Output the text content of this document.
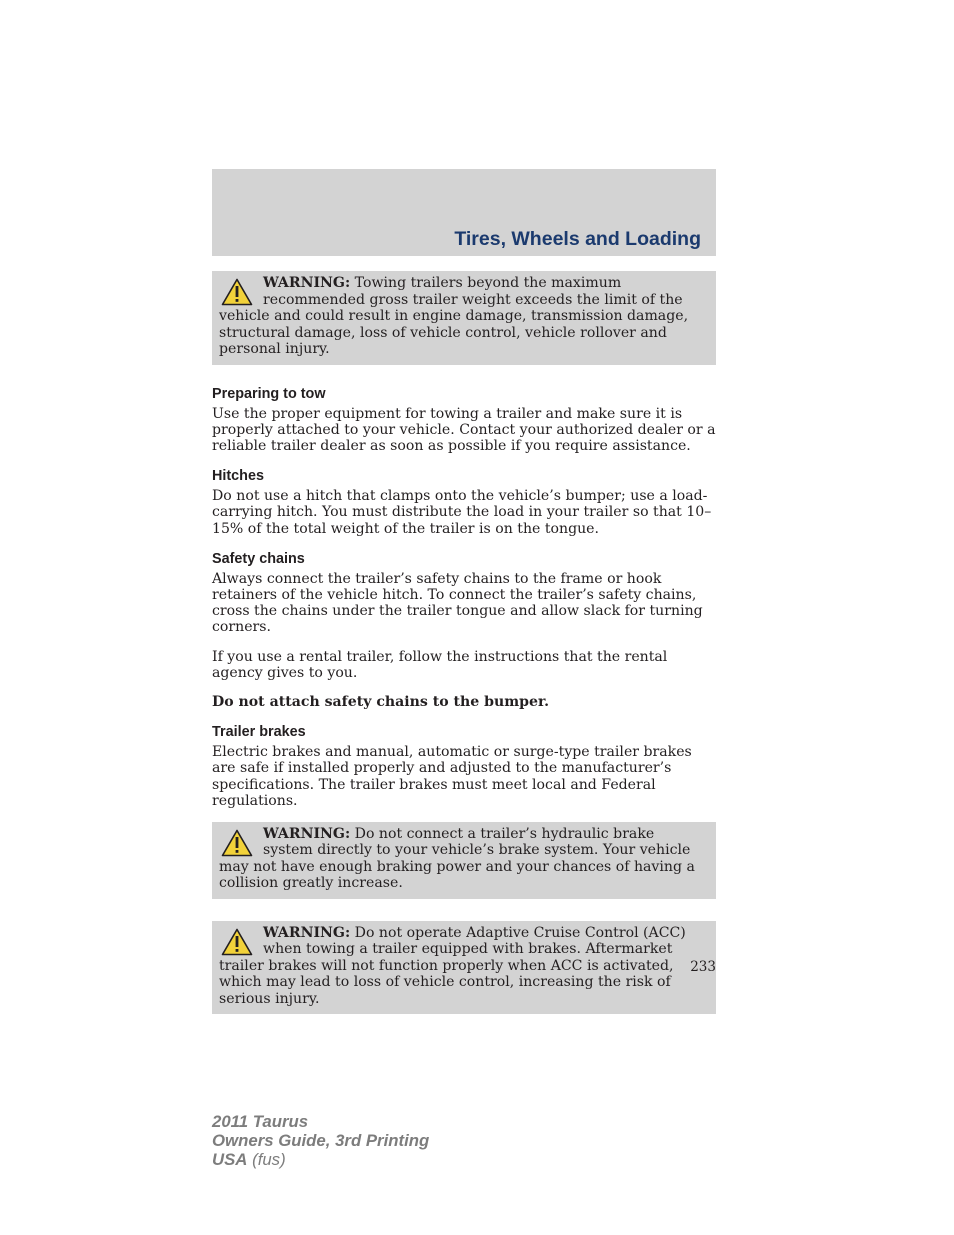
Tires, Wheels and Loading
WARNING: Towing trailers beyond the maximum recommended gross trailer weight exceeds the limit of the vehicle and could result in engine damage, transmission damage, structural damage, loss of vehicle control, vehicle rollover and personal injury.
Preparing to tow

Use the proper equipment for towing a trailer and make sure it is properly attached to your vehicle. Contact your authorized dealer or a reliable trailer dealer as soon as possible if you require assistance.

Hitches

Do not use a hitch that clamps onto the vehicle’s bumper; use a load-carrying hitch. You must distribute the load in your trailer so that 10–15% of the total weight of the trailer is on the tongue.

Safety chains

Always connect the trailer’s safety chains to the frame or hook retainers of the vehicle hitch. To connect the trailer’s safety chains, cross the chains under the trailer tongue and allow slack for turning corners.

If you use a rental trailer, follow the instructions that the rental agency gives to you.

Do not attach safety chains to the bumper.

Trailer brakes

Electric brakes and manual, automatic or surge-type trailer brakes are safe if installed properly and adjusted to the manufacturer’s specifications. The trailer brakes must meet local and Federal regulations.

WARNING: Do not connect a trailer’s hydraulic brake system directly to your vehicle’s brake system. Your vehicle may not have enough braking power and your chances of having a collision greatly increase.
WARNING: Do not operate Adaptive Cruise Control (ACC) when towing a trailer equipped with brakes. Aftermarket trailer brakes will not function properly when ACC is activated, which may lead to loss of vehicle control, increasing the risk of serious injury.
233
2011 Taurus
Owners Guide, 3rd Printing
USA (fus)
